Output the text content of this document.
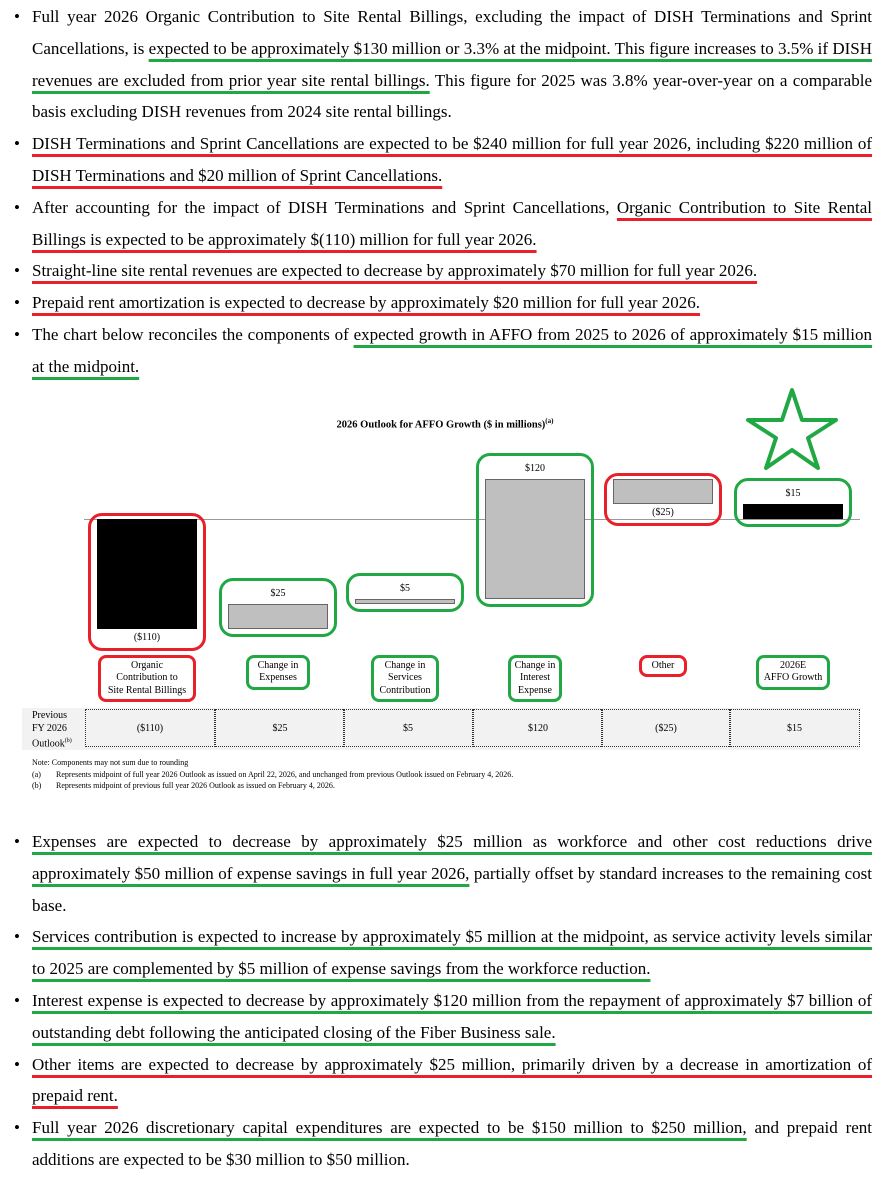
• Full year 2026 Organic Contribution to Site Rental Billings, excluding the impact of DISH Terminations and Sprint Cancellations, is expected to be approximately $130 million or 3.3% at the midpoint. This figure increases to 3.5% if DISH revenues are excluded from prior year site rental billings. This figure for 2025 was 3.8% year-over-year on a comparable basis excluding DISH revenues from 2024 site rental billings.
• DISH Terminations and Sprint Cancellations are expected to be $240 million for full year 2026, including $220 million of DISH Terminations and $20 million of Sprint Cancellations.
• After accounting for the impact of DISH Terminations and Sprint Cancellations, Organic Contribution to Site Rental Billings is expected to be approximately $(110) million for full year 2026.
• Straight-line site rental revenues are expected to decrease by approximately $70 million for full year 2026.
• Prepaid rent amortization is expected to decrease by approximately $20 million for full year 2026.
• The chart below reconciles the components of expected growth in AFFO from 2025 to 2026 of approximately $15 million at the midpoint.
2026 Outlook for AFFO Growth ($ in millions)$^{(a)}$
Previous
FY 2026
Outlook$^{(b)}$
($110)	$25	$5	$120	($25)	$15
Note: Components may not sum due to rounding
(a) Represents midpoint of full year 2026 Outlook as issued on April 22, 2026, and unchanged from previous Outlook issued on February 4, 2026.
(b) Represents midpoint of previous full year 2026 Outlook as issued on February 4, 2026.
($110)
Organic
Contribution to
Site Rental Billings
$25
Change in
Expenses
$5
Change in
Services
Contribution
$120
Change in
Interest
Expense
($25)
Other
$15
2026E
AFFO Growth
• Expenses are expected to decrease by approximately $25 million as workforce and other cost reductions drive approximately $50 million of expense savings in full year 2026, partially offset by standard increases to the remaining cost base.
• Services contribution is expected to increase by approximately $5 million at the midpoint, as service activity levels similar to 2025 are complemented by $5 million of expense savings from the workforce reduction.
• Interest expense is expected to decrease by approximately $120 million from the repayment of approximately $7 billion of outstanding debt following the anticipated closing of the Fiber Business sale.
• Other items are expected to decrease by approximately $25 million, primarily driven by a decrease in amortization of prepaid rent.
• Full year 2026 discretionary capital expenditures are expected to be $150 million to $250 million, and prepaid rent additions are expected to be $30 million to $50 million.
